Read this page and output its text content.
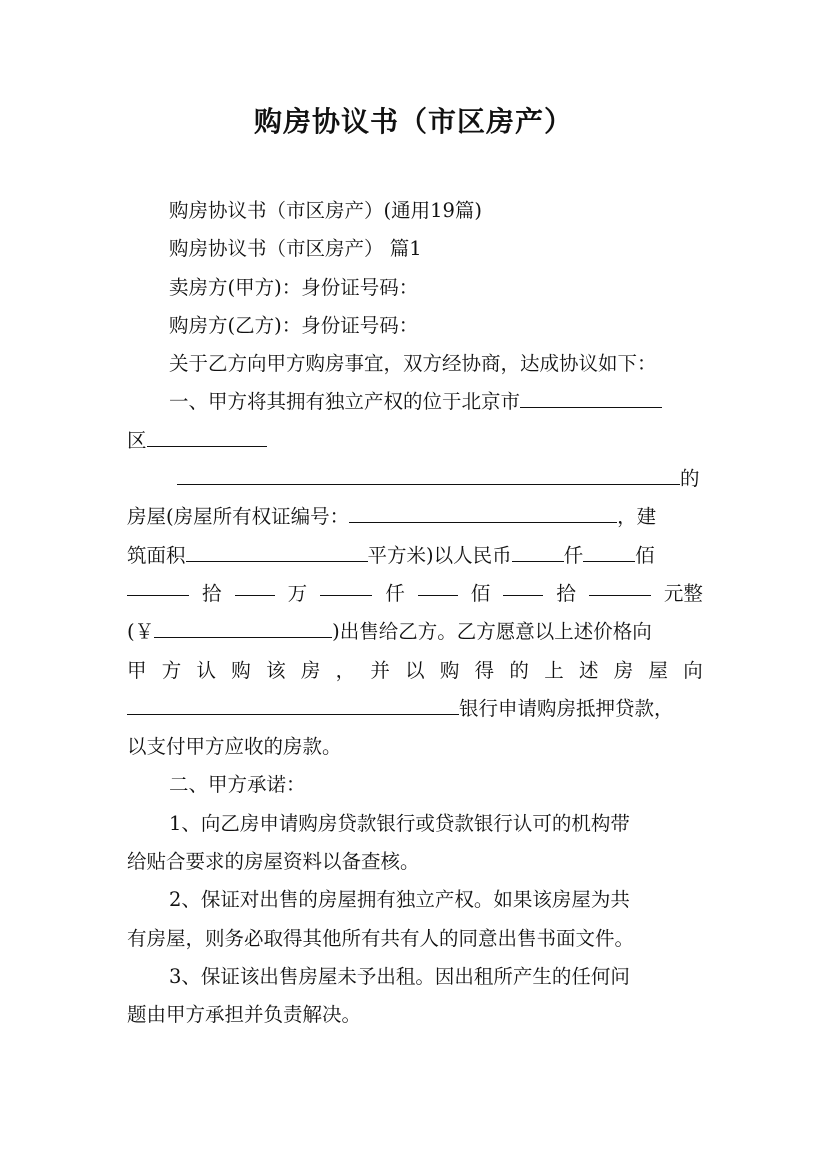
购房协议书（市区房产）
购房协议书（市区房产）(通用19篇)
购房协议书（市区房产） 篇1
卖房方(甲方)：身份证号码：
购房方(乙方)：身份证号码：
关于乙方向甲方购房事宜，双方经协商，达成协议如下：
一、甲方将其拥有独立产权的位于北京市
区
的
房屋(房屋所有权证编号：	，建
筑面积	平方米)以人民币	仟	佰
拾	万	仟	佰	拾	元整
(￥	)出售给乙方。乙方愿意以上述价格向
甲 方 认 购 该 房 ， 并 以 购 得 的 上 述 房 屋 向
银行申请购房抵押贷款，
以支付甲方应收的房款。
二、甲方承诺：
1、向乙房申请购房贷款银行或贷款银行认可的机构带
给贴合要求的房屋资料以备查核。
2、保证对出售的房屋拥有独立产权。如果该房屋为共
有房屋，则务必取得其他所有共有人的同意出售书面文件。
3、保证该出售房屋未予出租。因出租所产生的任何问
题由甲方承担并负责解决。
